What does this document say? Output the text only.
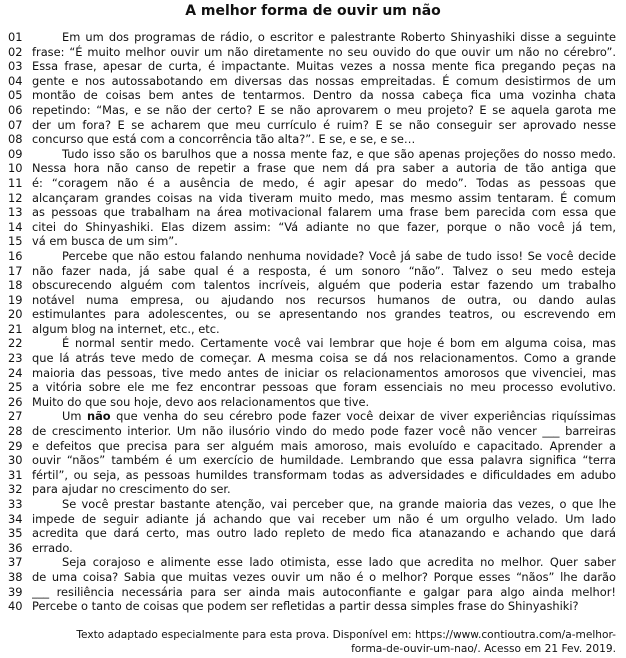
A melhor forma de ouvir um não
01	Em um dos programas de rádio, o escritor e palestrante Roberto Shinyashiki disse a seguinte
02 frase: “É muito melhor ouvir um não diretamente no seu ouvido do que ouvir um não no cérebro”.
03 Essa frase, apesar de curta, é impactante. Muitas vezes a nossa mente fica pregando peças na
04 gente e nos autossabotando em diversas das nossas empreitadas. É comum desistirmos de um
05 montão de coisas bem antes de tentarmos. Dentro da nossa cabeça fica uma vozinha chata
06 repetindo: “Mas, e se não der certo? E se não aprovarem o meu projeto? E se aquela garota me
07 der um fora? E se acharem que meu currículo é ruim? E se não conseguir ser aprovado nesse
08 concurso que está com a concorrência tão alta?”. E se, e se, e se…
09	Tudo isso são os barulhos que a nossa mente faz, e que são apenas projeções do nosso medo.
10 Nessa hora não canso de repetir a frase que nem dá pra saber a autoria de tão antiga que
11 é: “coragem não é a ausência de medo, é agir apesar do medo”. Todas as pessoas que
12 alcançaram grandes coisas na vida tiveram muito medo, mas mesmo assim tentaram. É comum
13 as pessoas que trabalham na área motivacional falarem uma frase bem parecida com essa que
14 citei do Shinyashiki. Elas dizem assim: “Vá adiante no que fazer, porque o não você já tem,
15 vá em busca de um sim”.
16	Percebe que não estou falando nenhuma novidade? Você já sabe de tudo isso! Se você decide
17 não fazer nada, já sabe qual é a resposta, é um sonoro “não”. Talvez o seu medo esteja
18 obscurecendo alguém com talentos incríveis, alguém que poderia estar fazendo um trabalho
19 notável numa empresa, ou ajudando nos recursos humanos de outra, ou dando aulas
20 estimulantes para adolescentes, ou se apresentando nos grandes teatros, ou escrevendo em
21 algum blog na internet, etc., etc.
22	É normal sentir medo. Certamente você vai lembrar que hoje é bom em alguma coisa, mas
23 que lá atrás teve medo de começar. A mesma coisa se dá nos relacionamentos. Como a grande
24 maioria das pessoas, tive medo antes de iniciar os relacionamentos amorosos que vivenciei, mas
25 a vitória sobre ele me fez encontrar pessoas que foram essenciais no meu processo evolutivo.
26 Muito do que sou hoje, devo aos relacionamentos que tive.
27	Um não que venha do seu cérebro pode fazer você deixar de viver experiências riquíssimas
28 de crescimento interior. Um não ilusório vindo do medo pode fazer você não vencer ___ barreiras
29 e defeitos que precisa para ser alguém mais amoroso, mais evoluído e capacitado. Aprender a
30 ouvir “nãos” também é um exercício de humildade. Lembrando que essa palavra significa “terra
31 fértil”, ou seja, as pessoas humildes transformam todas as adversidades e dificuldades em adubo
32 para ajudar no crescimento do ser.
33	Se você prestar bastante atenção, vai perceber que, na grande maioria das vezes, o que lhe
34 impede de seguir adiante já achando que vai receber um não é um orgulho velado. Um lado
35 acredita que dará certo, mas outro lado repleto de medo fica atanazando e achando que dará
36 errado.
37	Seja corajoso e alimente esse lado otimista, esse lado que acredita no melhor. Quer saber
38 de uma coisa? Sabia que muitas vezes ouvir um não é o melhor? Porque esses “nãos” lhe darão
39 ___ resiliência necessária para ser ainda mais autoconfiante e galgar para algo ainda melhor!
40 Percebe o tanto de coisas que podem ser refletidas a partir dessa simples frase do Shinyashiki?
Texto adaptado especialmente para esta prova. Disponível em: https://www.contioutra.com/a-melhor-
forma-de-ouvir-um-nao/. Acesso em 21 Fev. 2019.
